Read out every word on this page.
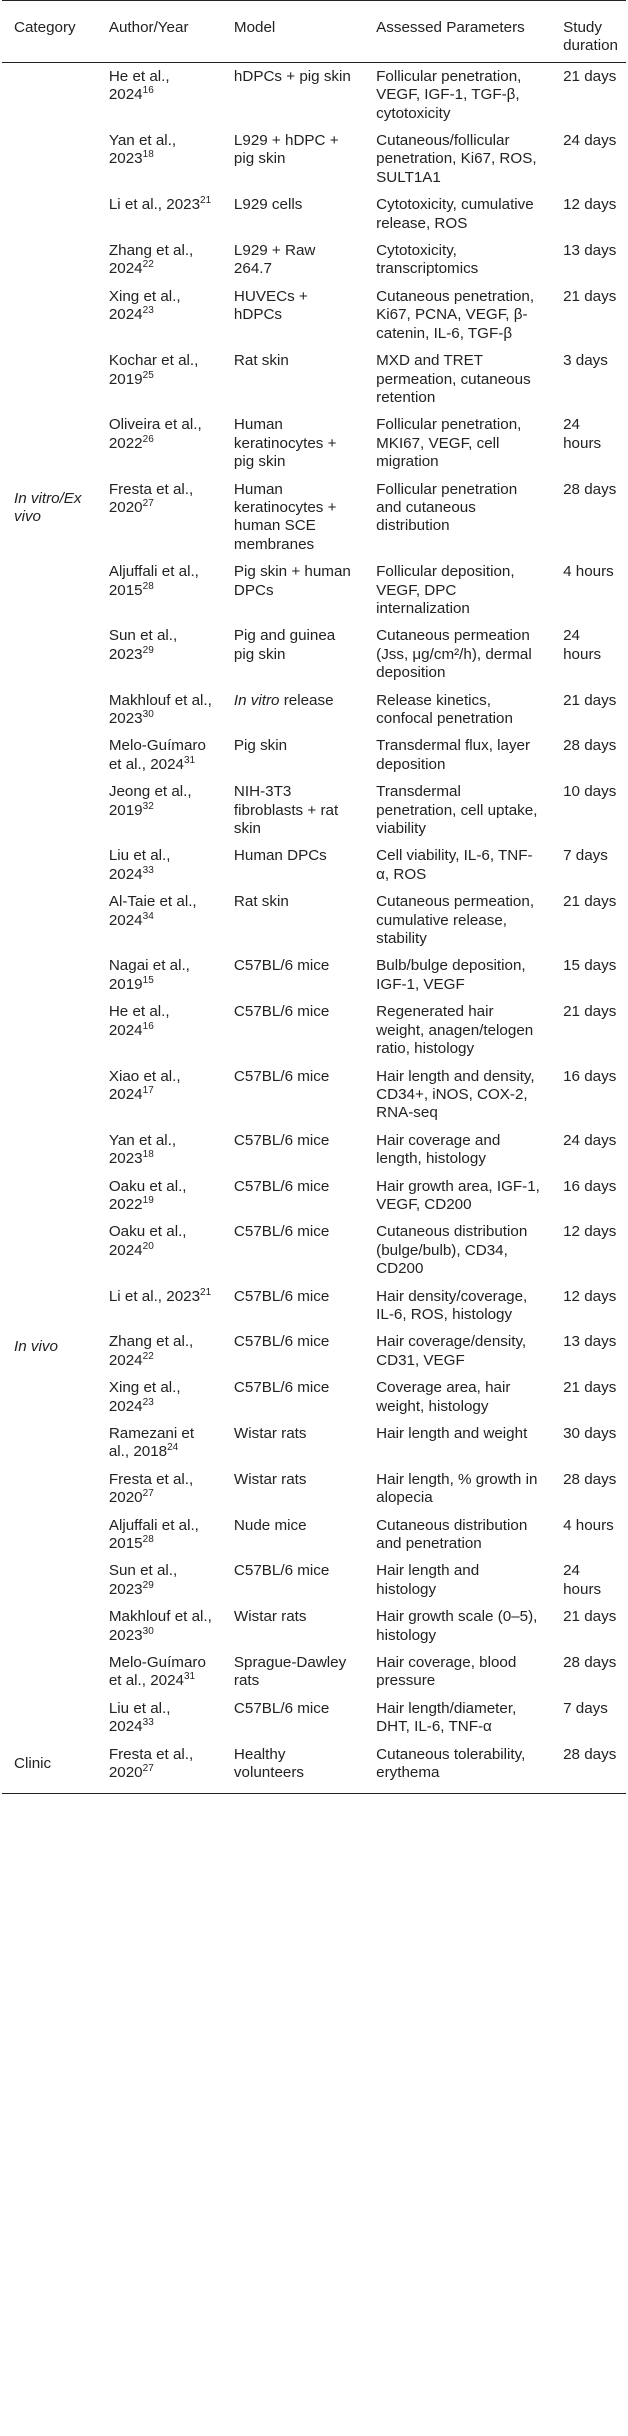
Category	Author/Year	Model	Assessed Parameters	Study duration
In vitro/Ex vivo	He et al., 2024$^{16}$	hDPCs + pig skin	Follicular penetration, VEGF, IGF-1, TGF-β, cytotoxicity	21 days
	Yan et al., 2023$^{18}$	L929 + hDPC + pig skin	Cutaneous/follicular penetration, Ki67, ROS, SULT1A1	24 days
	Li et al., 2023$^{21}$	L929 cells	Cytotoxicity, cumulative release, ROS	12 days
	Zhang et al., 2024$^{22}$	L929 + Raw 264.7	Cytotoxicity, transcriptomics	13 days
	Xing et al., 2024$^{23}$	HUVECs + hDPCs	Cutaneous penetration, Ki67, PCNA, VEGF, β-catenin, IL-6, TGF-β	21 days
	Kochar et al., 2019$^{25}$	Rat skin	MXD and TRET permeation, cutaneous retention	3 days
	Oliveira et al., 2022$^{26}$	Human keratinocytes + pig skin	Follicular penetration, MKI67, VEGF, cell migration	24 hours
	Fresta et al., 2020$^{27}$	Human keratinocytes + human SCE membranes	Follicular penetration and cutaneous distribution	28 days
	Aljuffali et al., 2015$^{28}$	Pig skin + human DPCs	Follicular deposition, VEGF, DPC internalization	4 hours
	Sun et al., 2023$^{29}$	Pig and guinea pig skin	Cutaneous permeation (Jss, μg/cm²/h), dermal deposition	24 hours
	Makhlouf et al., 2023$^{30}$	In vitro release	Release kinetics, confocal penetration	21 days
	Melo-Guímaro et al., 2024$^{31}$	Pig skin	Transdermal flux, layer deposition	28 days
	Jeong et al., 2019$^{32}$	NIH-3T3 fibroblasts + rat skin	Transdermal penetration, cell uptake, viability	10 days
	Liu et al., 2024$^{33}$	Human DPCs	Cell viability, IL-6, TNF-α, ROS	7 days
	Al-Taie et al., 2024$^{34}$	Rat skin	Cutaneous permeation, cumulative release, stability	21 days
In vivo	Nagai et al., 2019$^{15}$	C57BL/6 mice	Bulb/bulge deposition, IGF-1, VEGF	15 days
	He et al., 2024$^{16}$	C57BL/6 mice	Regenerated hair weight, anagen/telogen ratio, histology	21 days
	Xiao et al., 2024$^{17}$	C57BL/6 mice	Hair length and density, CD34+, iNOS, COX-2, RNA-seq	16 days
	Yan et al., 2023$^{18}$	C57BL/6 mice	Hair coverage and length, histology	24 days
	Oaku et al., 2022$^{19}$	C57BL/6 mice	Hair growth area, IGF-1, VEGF, CD200	16 days
	Oaku et al., 2024$^{20}$	C57BL/6 mice	Cutaneous distribution (bulge/bulb), CD34, CD200	12 days
	Li et al., 2023$^{21}$	C57BL/6 mice	Hair density/coverage, IL-6, ROS, histology	12 days
	Zhang et al., 2024$^{22}$	C57BL/6 mice	Hair coverage/density, CD31, VEGF	13 days
	Xing et al., 2024$^{23}$	C57BL/6 mice	Coverage area, hair weight, histology	21 days
	Ramezani et al., 2018$^{24}$	Wistar rats	Hair length and weight	30 days
	Fresta et al., 2020$^{27}$	Wistar rats	Hair length, % growth in alopecia	28 days
	Aljuffali et al., 2015$^{28}$	Nude mice	Cutaneous distribution and penetration	4 hours
	Sun et al., 2023$^{29}$	C57BL/6 mice	Hair length and histology	24 hours
	Makhlouf et al., 2023$^{30}$	Wistar rats	Hair growth scale (0–5), histology	21 days
	Melo-Guímaro et al., 2024$^{31}$	Sprague-Dawley rats	Hair coverage, blood pressure	28 days
	Liu et al., 2024$^{33}$	C57BL/6 mice	Hair length/diameter, DHT, IL-6, TNF-α	7 days
Clinic	Fresta et al., 2020$^{27}$	Healthy volunteers	Cutaneous tolerability, erythema	28 days
